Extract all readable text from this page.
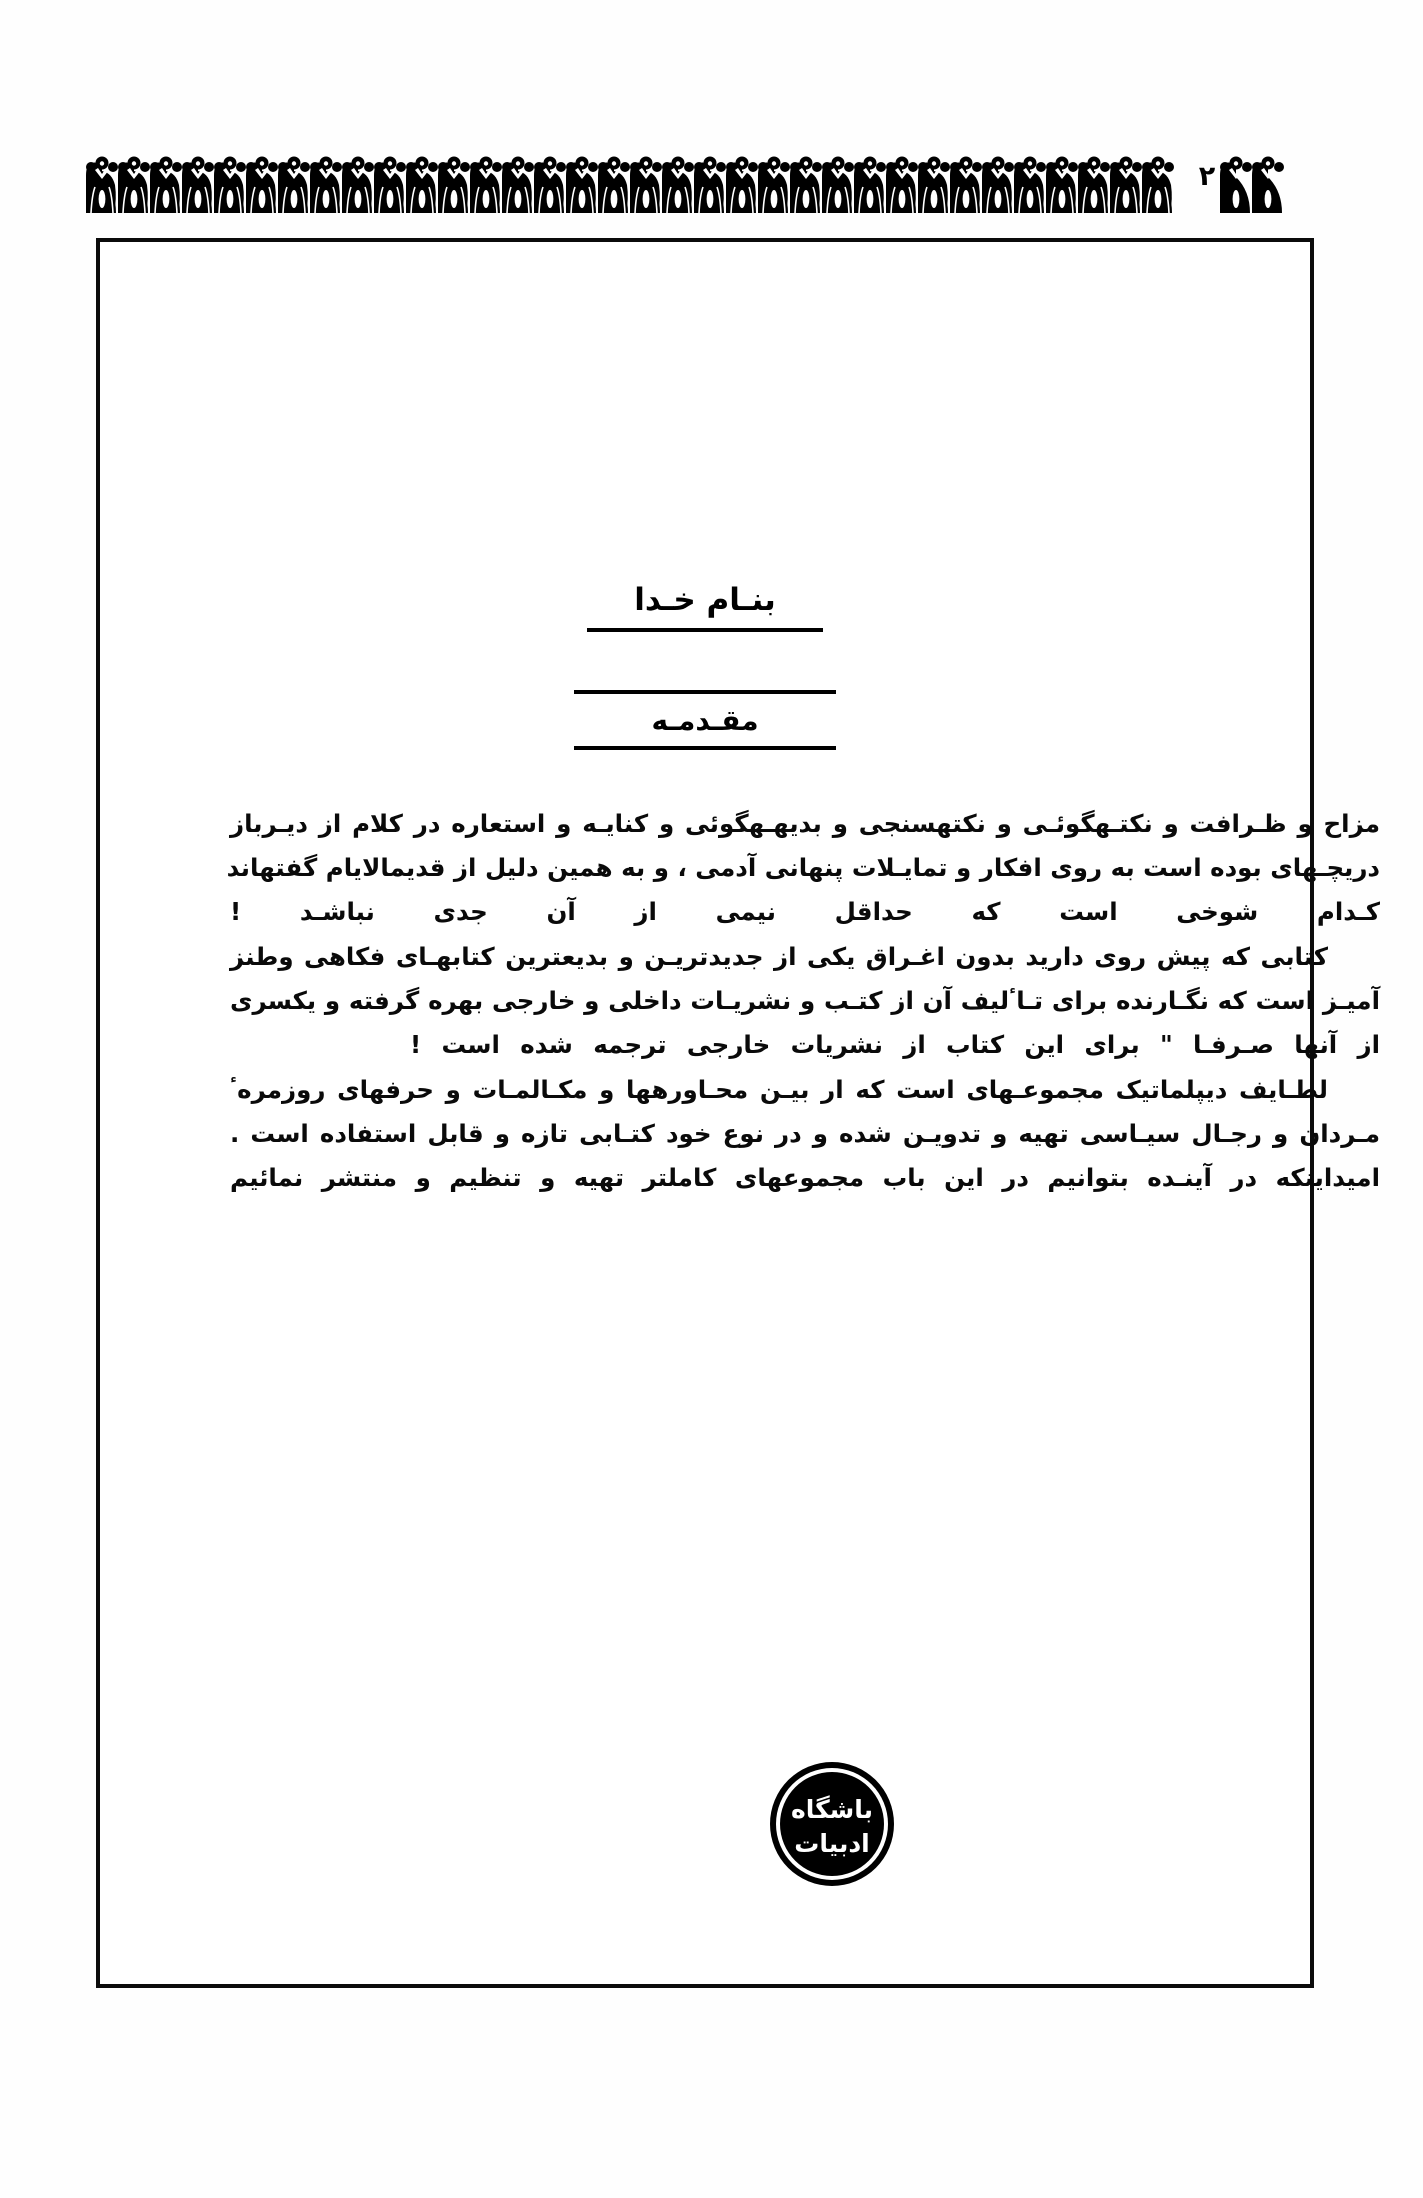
۲
بنـام خـدا
مقـدمـه
مزاح و ظـرافت و نکتـهگوئـی و نکتهسنجی و بدیهـهگوئی و کنایـه و استعاره در کلام از دیـرباز
دریچـهای بوده است به روی افکار و تمایـلات پنهانی آدمی ، و به همین دلیل از قدیمالایام گفتهاند
کـدام شوخی است که حداقل نیمی از آن جدی نباشـد !
کتابی که پیش روی دارید بدون اغـراق یکی از جدیدتریـن و بدیعترین کتابهـای فکاهی وطنز
آمیـز است که نگـارنده برای تـاٴلیف آن از کتـب و نشریـات داخلی و خارجی بهره گرفته و یکسری
از آنها صـرفـا " برای این کتاب از نشریات خارجی ترجمه شده است !
لطـایف دیپلماتیک مجموعـهای است که ار بیـن محـاورهها و مکـالمـات و حرفهای روزمرهٴ
مـردان و رجـال سیـاسی تهیه و تدویـن شده و در نوع خود کتـابی تازه و قابل استفاده است .
امیداینکه در آینـده بتوانیم در این باب مجموعهای کاملتر تهیه و تنظیم و منتشر نمائیم
باشگاه
ادبیات
